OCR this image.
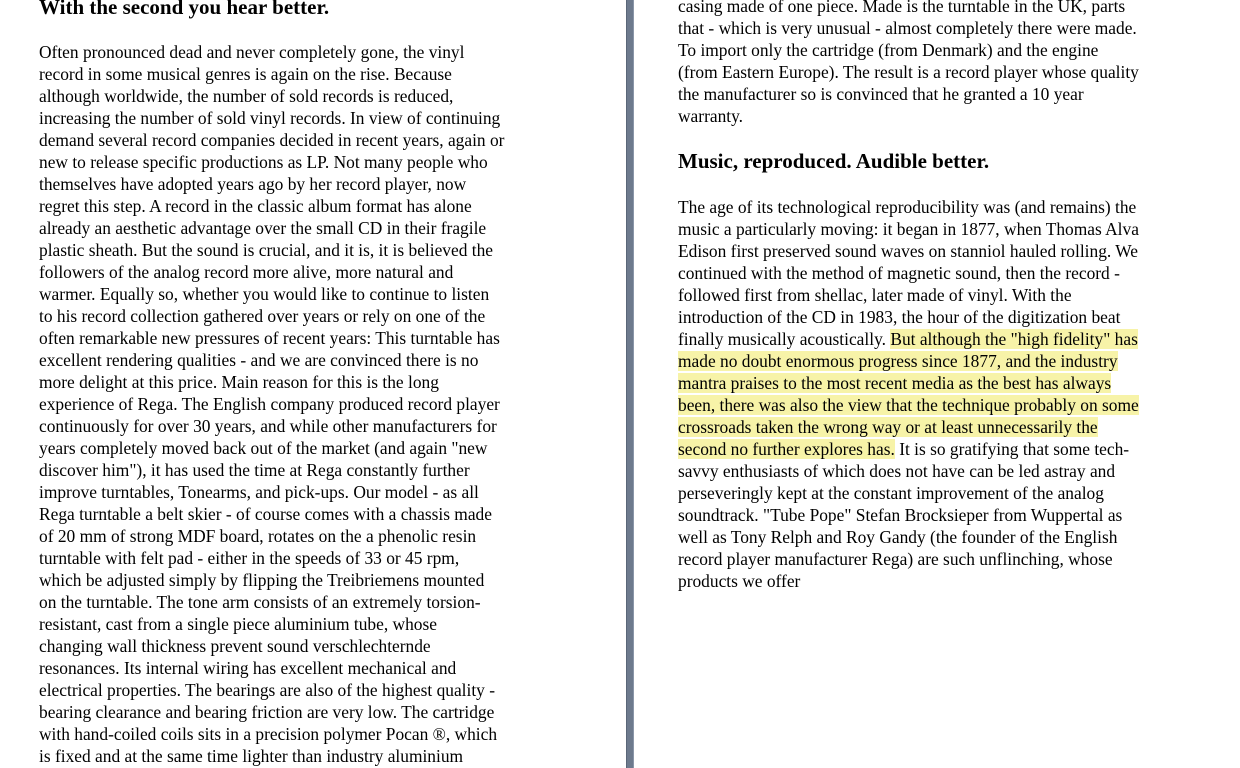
With the second you hear better.
Often pronounced dead and never completely gone, the vinyl
record in some musical genres is again on the rise. Because
although worldwide, the number of sold records is reduced,
increasing the number of sold vinyl records. In view of continuing
demand several record companies decided in recent years, again or
new to release specific productions as LP. Not many people who
themselves have adopted years ago by her record player, now
regret this step. A record in the classic album format has alone
already an aesthetic advantage over the small CD in their fragile
plastic sheath. But the sound is crucial, and it is, it is believed the
followers of the analog record more alive, more natural and
warmer. Equally so, whether you would like to continue to listen
to his record collection gathered over years or rely on one of the
often remarkable new pressures of recent years: This turntable has
excellent rendering qualities - and we are convinced there is no
more delight at this price. Main reason for this is the long
experience of Rega. The English company produced record player
continuously for over 30 years, and while other manufacturers for
years completely moved back out of the market (and again "new
discover him"), it has used the time at Rega constantly further
improve turntables, Tonearms, and pick-ups. Our model - as all
Rega turntable a belt skier - of course comes with a chassis made
of 20 mm of strong MDF board, rotates on the a phenolic resin
turntable with felt pad - either in the speeds of 33 or 45 rpm,
which be adjusted simply by flipping the Treibriemens mounted
on the turntable. The tone arm consists of an extremely torsion-
resistant, cast from a single piece aluminium tube, whose
changing wall thickness prevent sound verschlechternde
resonances. Its internal wiring has excellent mechanical and
electrical properties. The bearings are also of the highest quality -
bearing clearance and bearing friction are very low. The cartridge
with hand-coiled coils sits in a precision polymer Pocan ®, which
is fixed and at the same time lighter than industry aluminium
casing made of one piece. Made is the turntable in the UK, parts
that - which is very unusual - almost completely there were made.
To import only the cartridge (from Denmark) and the engine
(from Eastern Europe). The result is a record player whose quality
the manufacturer so is convinced that he granted a 10 year
warranty.
Music, reproduced. Audible better.
The age of its technological reproducibility was (and remains) the
music a particularly moving: it began in 1877, when Thomas Alva
Edison first preserved sound waves on stanniol hauled rolling. We
continued with the method of magnetic sound, then the record -
followed first from shellac, later made of vinyl. With the
introduction of the CD in 1983, the hour of the digitization beat
finally musically acoustically. But although the "high fidelity" has
made no doubt enormous progress since 1877, and the industry
mantra praises to the most recent media as the best has always
been, there was also the view that the technique probably on some
crossroads taken the wrong way or at least unnecessarily the
second no further explores has. It is so gratifying that some tech-
savvy enthusiasts of which does not have can be led astray and
perseveringly kept at the constant improvement of the analog
soundtrack. "Tube Pope" Stefan Brocksieper from Wuppertal as
well as Tony Relph and Roy Gandy (the founder of the English
record player manufacturer Rega) are such unflinching, whose
products we offer
